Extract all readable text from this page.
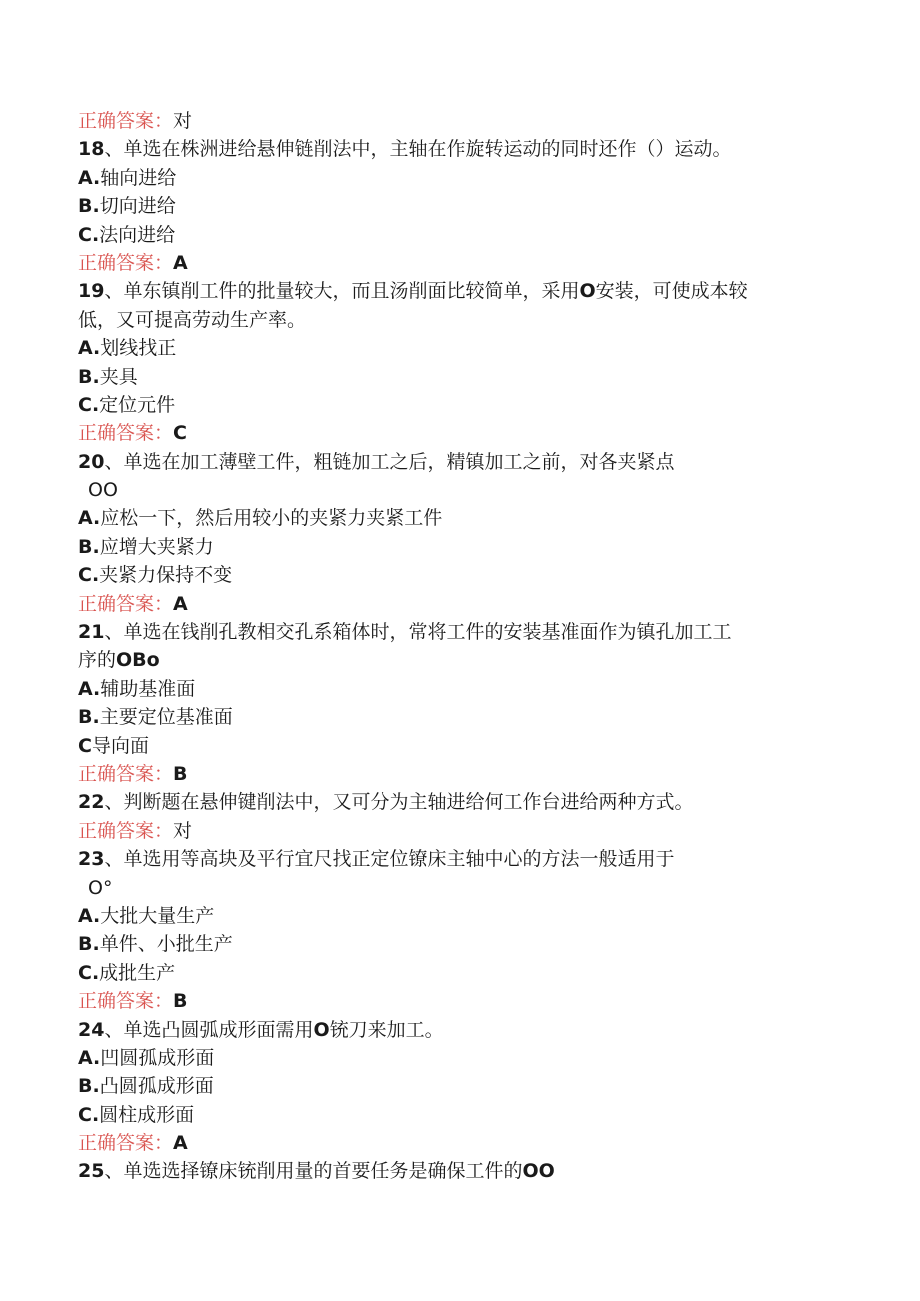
正确答案：对
18、单选在株洲进给悬伸链削法中，主轴在作旋转运动的同时还作（）运动。
A.轴向进给
B.切向进给
C.法向进给
正确答案：A
19、单东镇削工件的批量较大，而且汤削面比较简单，采用O安装，可使成本较
低，又可提高劳动生产率。
A.划线找正
B.夹具
C.定位元件
正确答案：C
20、单选在加工薄壁工件，粗链加工之后，精镇加工之前，对各夹紧点
OO
A.应松一下，然后用较小的夹紧力夹紧工件
B.应增大夹紧力
C.夹紧力保持不变
正确答案：A
21、单选在钱削孔教相交孔系箱体时，常将工件的安装基准面作为镇孔加工工
序的OBo
A.辅助基准面
B.主要定位基准面
C导向面
正确答案：B
22、判断题在悬伸键削法中，又可分为主轴进给何工作台进给两种方式。
正确答案：对
23、单选用等高块及平行宜尺找正定位镣床主轴中心的方法一般适用于
O°
A.大批大量生产
B.单件、小批生产
C.成批生产
正确答案：B
24、单选凸圆弧成形面需用O铳刀来加工。
A.凹圆孤成形面
B.凸圆孤成形面
C.圆柱成形面
正确答案：A
25、单选选择镣床铳削用量的首要任务是确保工件的OO
